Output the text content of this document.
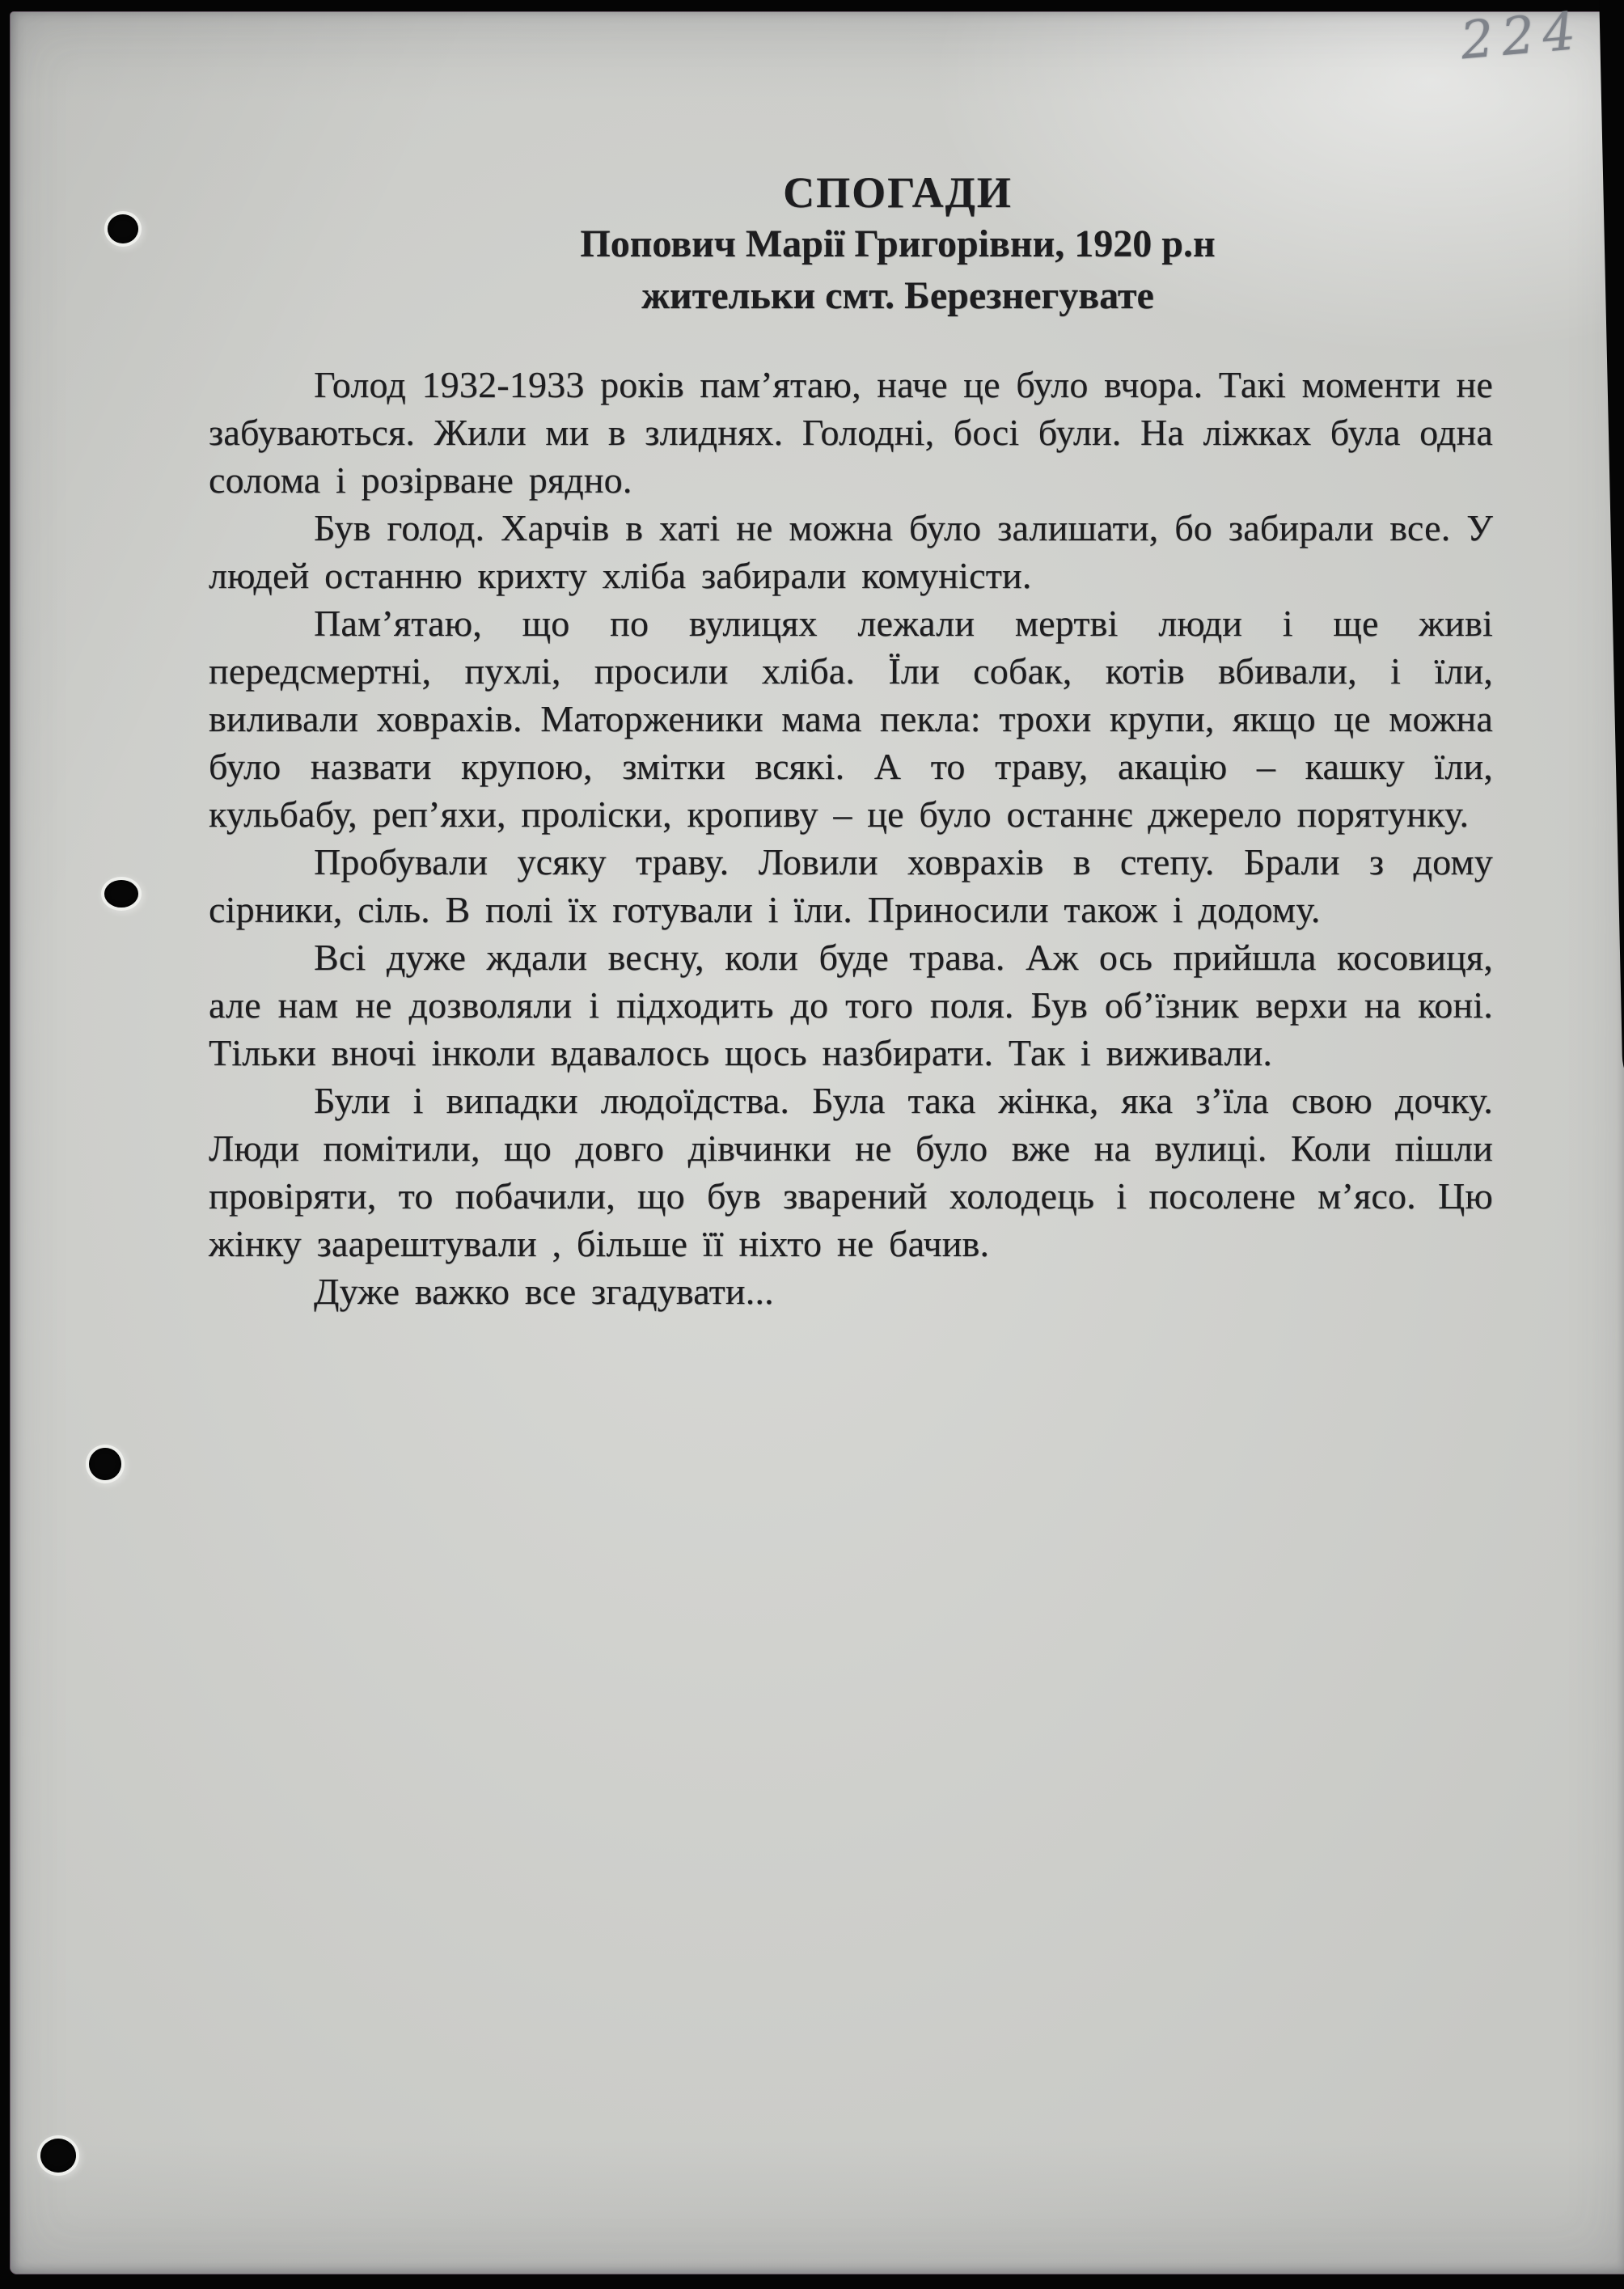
224
СПОГАДИ
Попович Марії Григорівни, 1920 р.н
жительки смт. Березнегувате

Голод 1932-1933 років пам’ятаю, наче це було вчора. Такі моменти не забуваються. Жили ми в злиднях. Голодні, босі були. На ліжках була одна солома і розірване рядно.

Був голод. Харчів в хаті не можна було залишати, бо забирали все. У людей останню крихту хліба забирали комуністи.

Пам’ятаю, що по вулицях лежали мертві люди і ще живі передсмертні, пухлі, просили хліба. Їли собак, котів вбивали, і їли, виливали ховрахів. Маторженики мама пекла: трохи крупи, якщо це можна було назвати крупою, змітки всякі. А то траву, акацію – кашку їли, кульбабу, реп’яхи, проліски, кропиву – це було останнє джерело порятунку.

Пробували усяку траву. Ловили ховрахів в степу. Брали з дому сірники, сіль. В полі їх готували і їли. Приносили також і додому.

Всі дуже ждали весну, коли буде трава. Аж ось прийшла косовиця, але нам не дозволяли і підходить до того поля. Був об’їзник верхи на коні. Тільки вночі інколи вдавалось щось назбирати. Так і виживали.

Були і випадки людоїдства. Була така жінка, яка з’їла свою дочку. Люди помітили, що довго дівчинки не було вже на вулиці. Коли пішли провіряти, то побачили, що був зварений холодець і посолене м’ясо. Цю жінку заарештували , більше її ніхто не бачив.

Дуже важко все згадувати...
